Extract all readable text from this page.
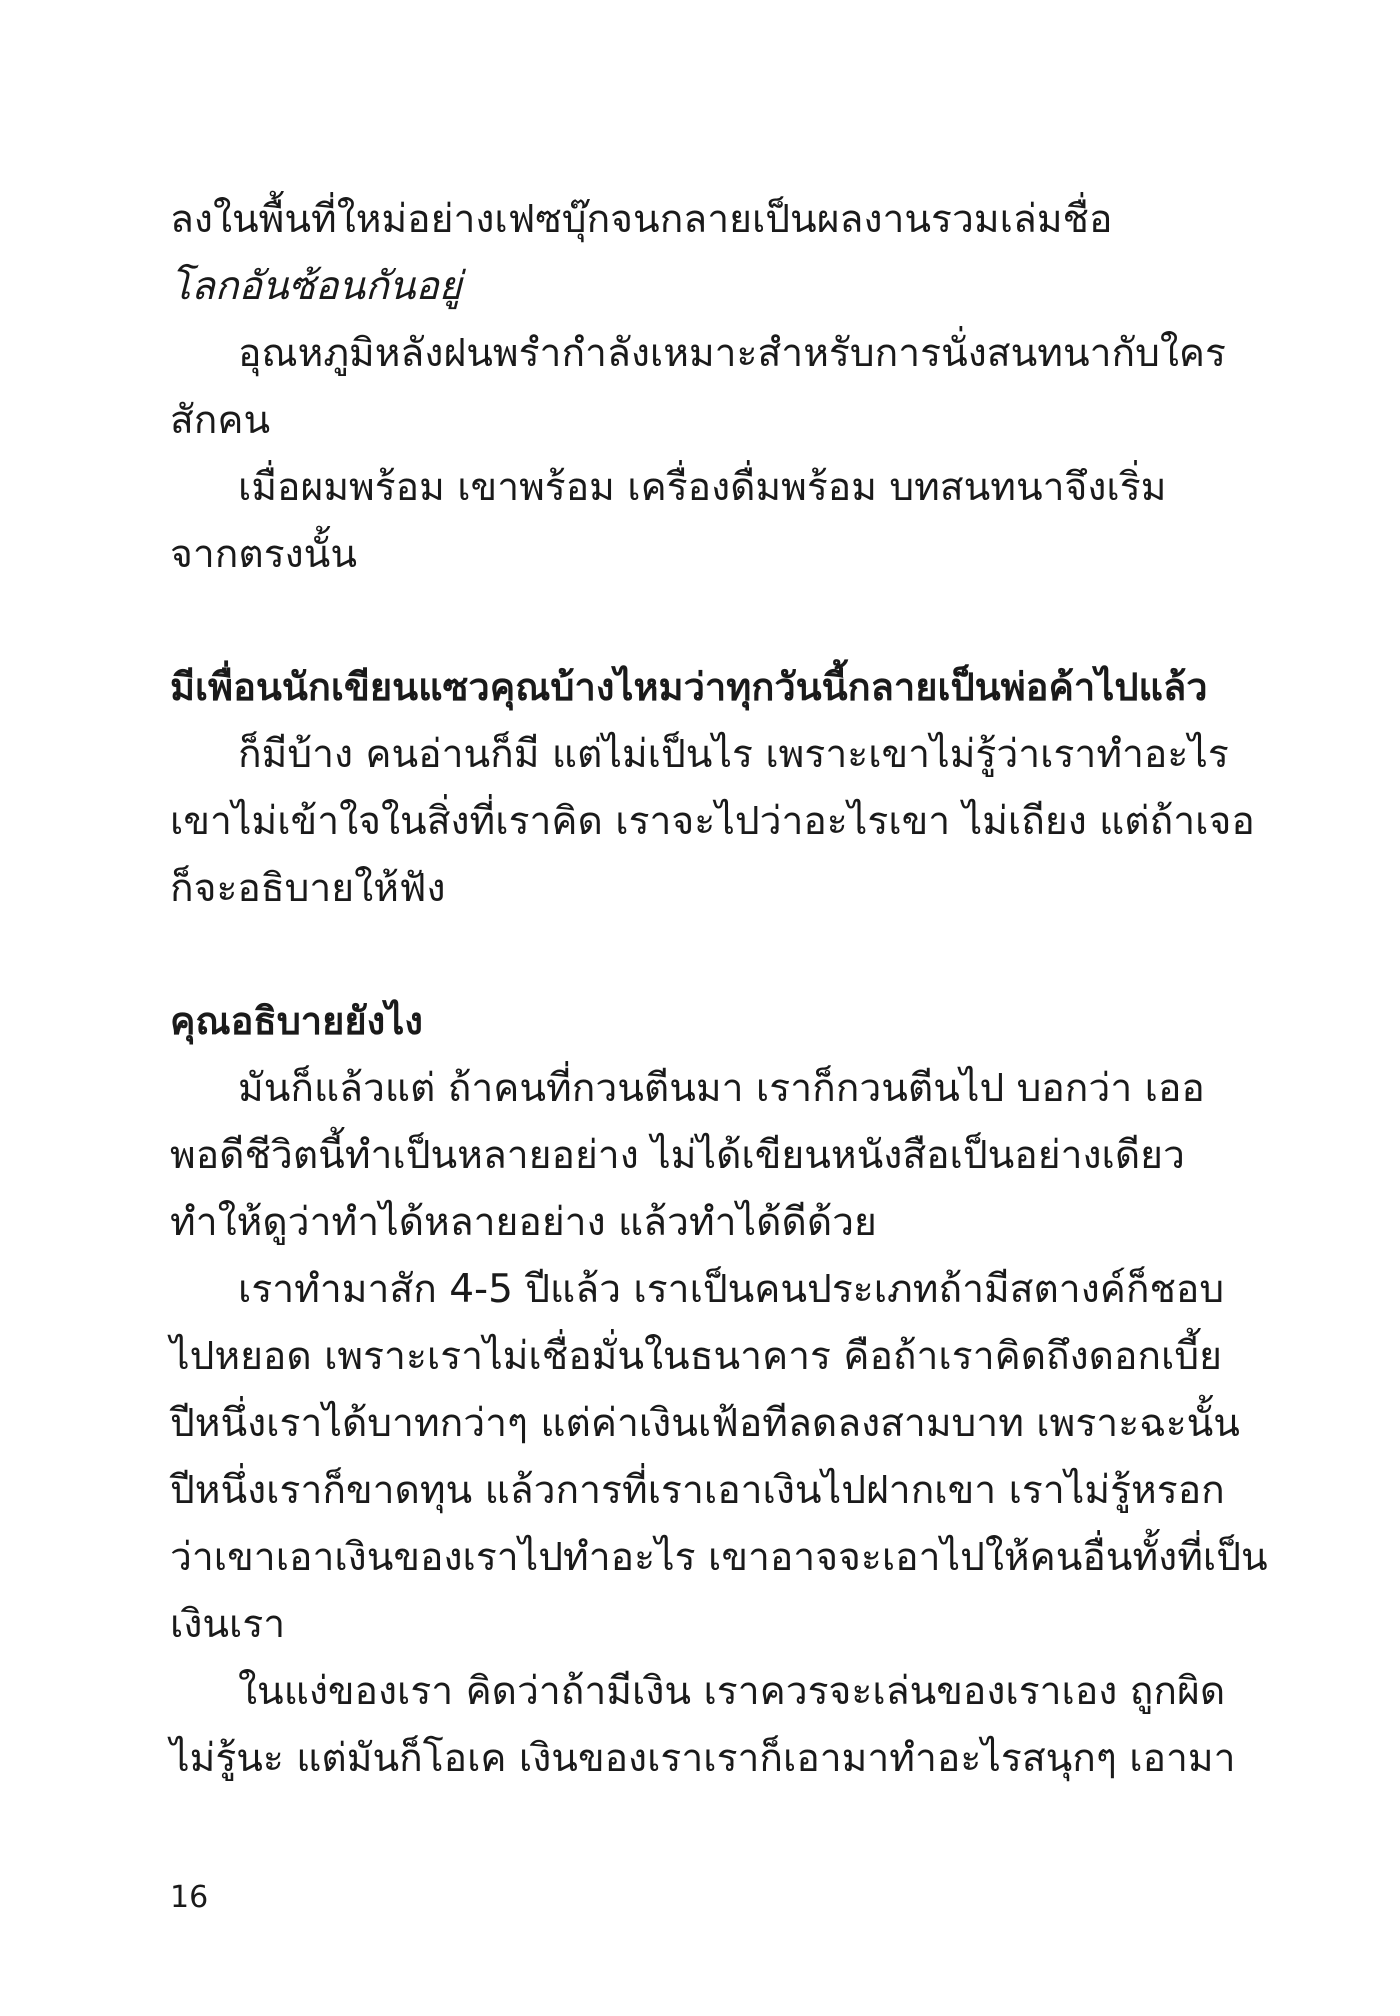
ลงในพื้นที่ใหม่อย่างเฟซบุ๊กจนกลายเป็นผลงานรวมเล่มชื่อ
โลกอันซ้อนกันอยู่
อุณหภูมิหลังฝนพรำกำลังเหมาะสำหรับการนั่งสนทนากับใคร
สักคน
เมื่อผมพร้อม เขาพร้อม เครื่องดื่มพร้อม บทสนทนาจึงเริ่ม
จากตรงนั้น
มีเพื่อนนักเขียนแซวคุณบ้างไหมว่าทุกวันนี้กลายเป็นพ่อค้าไปแล้ว
ก็มีบ้าง คนอ่านก็มี แต่ไม่เป็นไร เพราะเขาไม่รู้ว่าเราทำอะไร
เขาไม่เข้าใจในสิ่งที่เราคิด เราจะไปว่าอะไรเขา ไม่เถียง แต่ถ้าเจอ
ก็จะอธิบายให้ฟัง
คุณอธิบายยังไง
มันก็แล้วแต่ ถ้าคนที่กวนตีนมา เราก็กวนตีนไป บอกว่า เออ
พอดีชีวิตนี้ทำเป็นหลายอย่าง ไม่ได้เขียนหนังสือเป็นอย่างเดียว
ทำให้ดูว่าทำได้หลายอย่าง แล้วทำได้ดีด้วย
เราทำมาสัก 4-5 ปีแล้ว เราเป็นคนประเภทถ้ามีสตางค์ก็ชอบ
ไปหยอด เพราะเราไม่เชื่อมั่นในธนาคาร คือถ้าเราคิดถึงดอกเบี้ย
ปีหนึ่งเราได้บาทกว่าๆ แต่ค่าเงินเฟ้อทีลดลงสามบาท เพราะฉะนั้น
ปีหนึ่งเราก็ขาดทุน แล้วการที่เราเอาเงินไปฝากเขา เราไม่รู้หรอก
ว่าเขาเอาเงินของเราไปทำอะไร เขาอาจจะเอาไปให้คนอื่นทั้งที่เป็น
เงินเรา
ในแง่ของเรา คิดว่าถ้ามีเงิน เราควรจะเล่นของเราเอง ถูกผิด
ไม่รู้นะ แต่มันก็โอเค เงินของเราเราก็เอามาทำอะไรสนุกๆ เอามา
16
